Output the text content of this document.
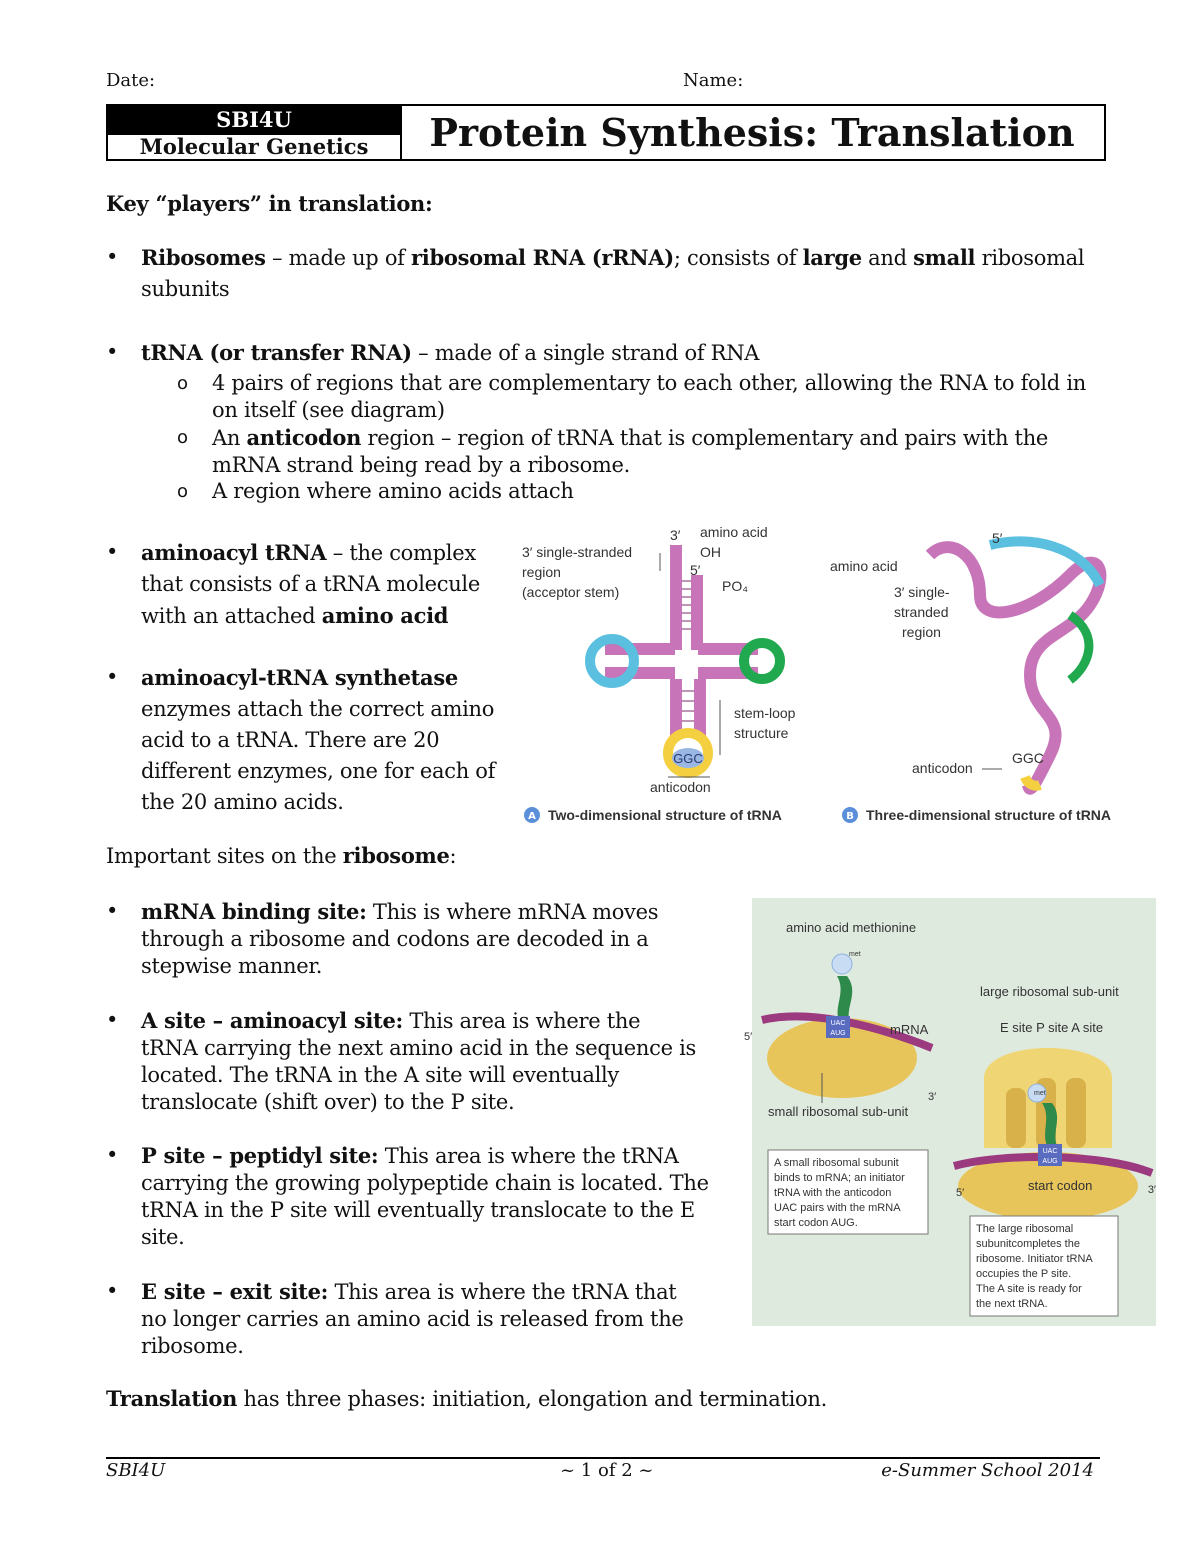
Date:	Name:
SBI4U
Molecular Genetics	Protein Synthesis: Translation
Key “players” in translation:
• Ribosomes – made up of ribosomal RNA (rRNA); consists of large and small ribosomal
subunits
• tRNA (or transfer RNA) – made of a single strand of RNA
o 4 pairs of regions that are complementary to each other, allowing the RNA to fold in
on itself (see diagram)
o An anticodon region – region of tRNA that is complementary and pairs with the
mRNA strand being read by a ribosome.
o A region where amino acids attach
• aminoacyl tRNA – the complex
that consists of a tRNA molecule
with an attached amino acid
• aminoacyl-tRNA synthetase
enzymes attach the correct amino
acid to a tRNA. There are 20
different enzymes, one for each of
the 20 amino acids.
GGC
3′ amino acid
OH
5′
PO₄
3′ single-stranded
region
(acceptor stem)
stem-loop
structure
anticodon
A Two-dimensional structure of tRNA
GGC
5′
amino acid
3′ single-
stranded
region
anticodon
B Three-dimensional structure of tRNA
Important sites on the ribosome:
• mRNA binding site: This is where mRNA moves
through a ribosome and codons are decoded in a
stepwise manner.
• A site – aminoacyl site: This area is where the
tRNA carrying the next amino acid in the sequence is
located. The tRNA in the A site will eventually
translocate (shift over) to the P site.
• P site – peptidyl site: This area is where the tRNA
carrying the growing polypeptide chain is located. The
tRNA in the P site will eventually translocate to the E
site.
• E site – exit site: This area is where the tRNA that
no longer carries an amino acid is released from the
ribosome.
amino acid methionine
met
UAC
AUG
5′	mRNA
3′
small ribosomal sub-unit
A small ribosomal subunit
binds to mRNA; an initiator
tRNA with the anticodon
UAC pairs with the mRNA
start codon AUG.
large ribosomal sub-unit
E site P site A site
met
UAC
AUG
start codon
5′	3′
The large ribosomal
subunitcompletes the
ribosome. Initiator tRNA
occupies the P site.
The A site is ready for
the next tRNA.
Translation has three phases: initiation, elongation and termination.
SBI4U	~ 1 of 2 ~	e-Summer School 2014
